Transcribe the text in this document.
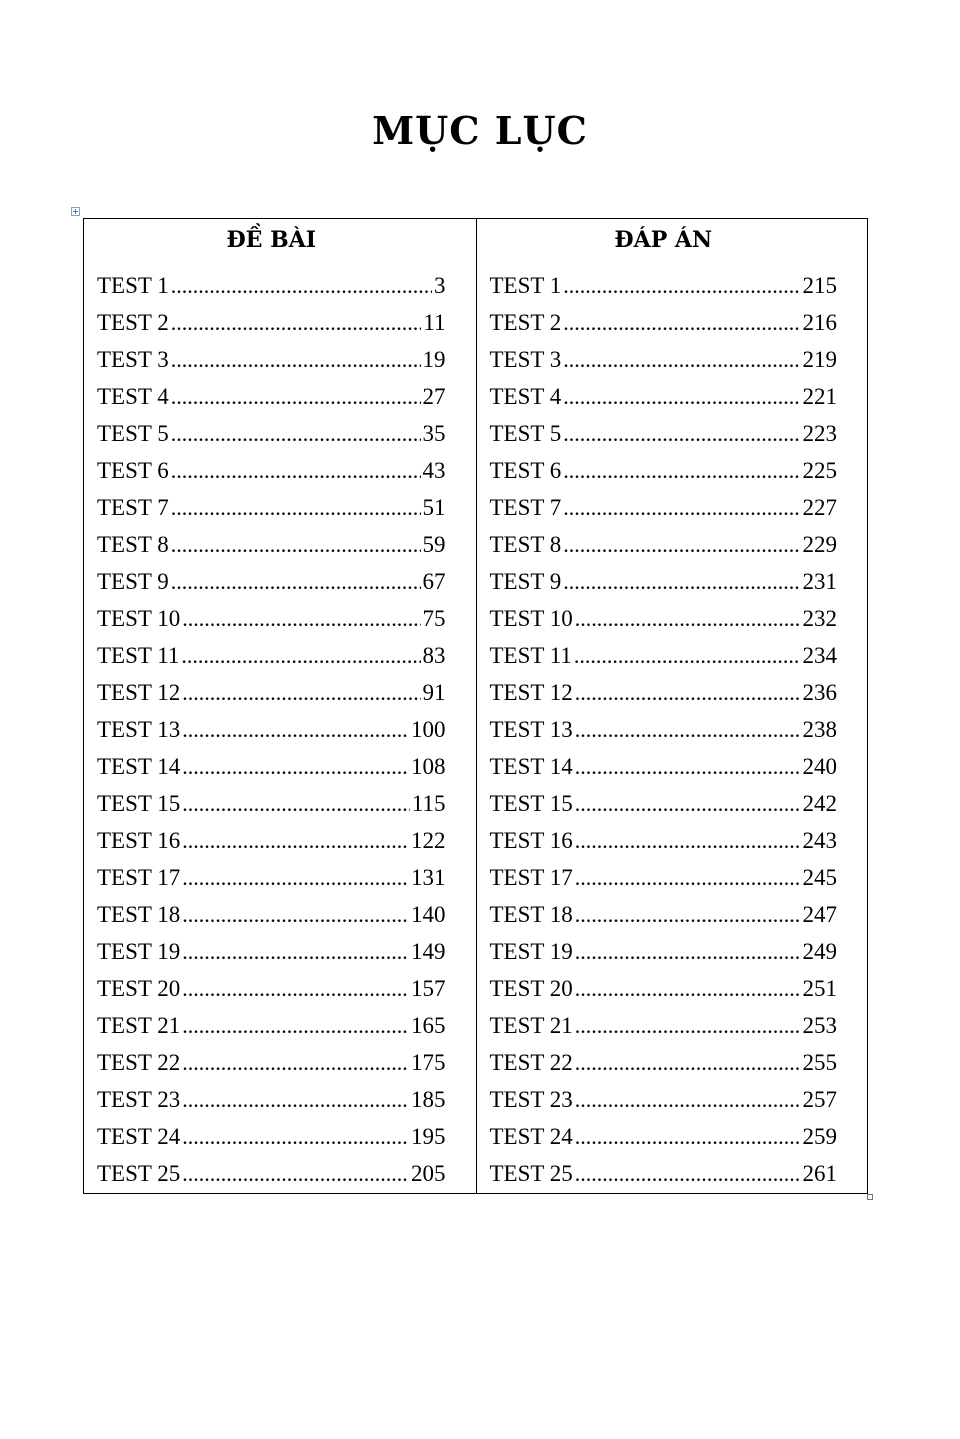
MỤC LỤC
ĐỀ BÀI
TEST 1 .....	3
TEST 2 .....	11
TEST 3 .....	19
TEST 4 .....	27
TEST 5 .....	35
TEST 6 .....	43
TEST 7 .....	51
TEST 8 .....	59
TEST 9 .....	67
TEST 10 .....	75
TEST 11 .....	83
TEST 12 .....	91
TEST 13 .....	100
TEST 14 .....	108
TEST 15 .....	115
TEST 16 .....	122
TEST 17 .....	131
TEST 18 .....	140
TEST 19 .....	149
TEST 20 .....	157
TEST 21 .....	165
TEST 22 .....	175
TEST 23 .....	185
TEST 24 .....	195
TEST 25 .....	205
ĐÁP ÁN
TEST 1 .....	215
TEST 2 .....	216
TEST 3 .....	219
TEST 4 .....	221
TEST 5 .....	223
TEST 6 .....	225
TEST 7 .....	227
TEST 8 .....	229
TEST 9 .....	231
TEST 10 .....	232
TEST 11 .....	234
TEST 12 .....	236
TEST 13 .....	238
TEST 14 .....	240
TEST 15 .....	242
TEST 16 .....	243
TEST 17 .....	245
TEST 18 .....	247
TEST 19 .....	249
TEST 20 .....	251
TEST 21 .....	253
TEST 22 .....	255
TEST 23 .....	257
TEST 24 .....	259
TEST 25 .....	261
